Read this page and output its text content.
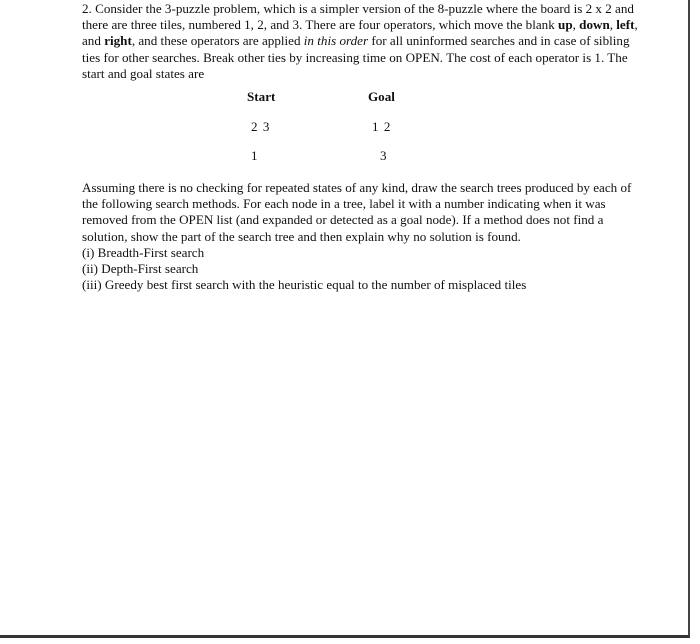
2. Consider the 3-puzzle problem, which is a simpler version of the 8-puzzle where the board is 2 x 2 and
there are three tiles, numbered 1, 2, and 3. There are four operators, which move the blank up, down, left,
and right, and these operators are applied in this order for all uninformed searches and in case of sibling
ties for other searches. Break other ties by increasing time on OPEN. The cost of each operator is 1. The
start and goal states are
Start	Goal
2 3
1
1 2
3
Assuming there is no checking for repeated states of any kind, draw the search trees produced by each of
the following search methods. For each node in a tree, label it with a number indicating when it was
removed from the OPEN list (and expanded or detected as a goal node). If a method does not find a
solution, show the part of the search tree and then explain why no solution is found.
(i) Breadth-First search
(ii) Depth-First search
(iii) Greedy best first search with the heuristic equal to the number of misplaced tiles
